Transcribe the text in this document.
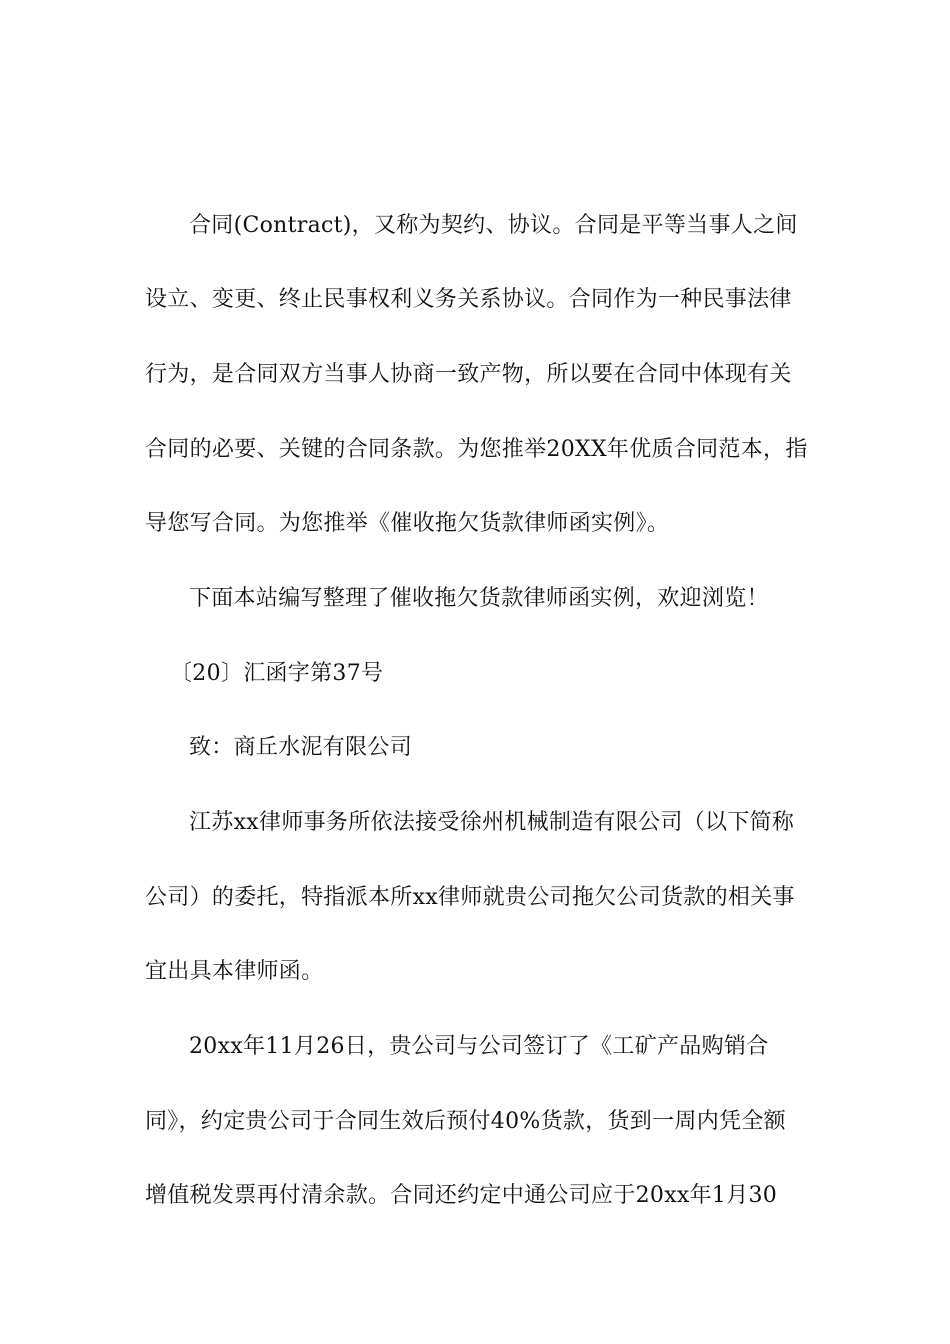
合同(Contract)，又称为契约、协议。合同是平等当事人之间
设立、变更、终止民事权利义务关系协议。合同作为一种民事法律
行为，是合同双方当事人协商一致产物，所以要在合同中体现有关
合同的必要、关键的合同条款。为您推举20XX年优质合同范本，指
导您写合同。为您推举《催收拖欠货款律师函实例》。
下面本站编写整理了催收拖欠货款律师函实例，欢迎浏览！
〔20〕汇函字第37号
致：商丘水泥有限公司
江苏xx律师事务所依法接受徐州机械制造有限公司（以下简称
公司）的委托，特指派本所xx律师就贵公司拖欠公司货款的相关事
宜出具本律师函。
20xx年11月26日，贵公司与公司签订了《工矿产品购销合
同》，约定贵公司于合同生效后预付40%货款，货到一周内凭全额
增值税发票再付清余款。合同还约定中通公司应于20xx年1月30
